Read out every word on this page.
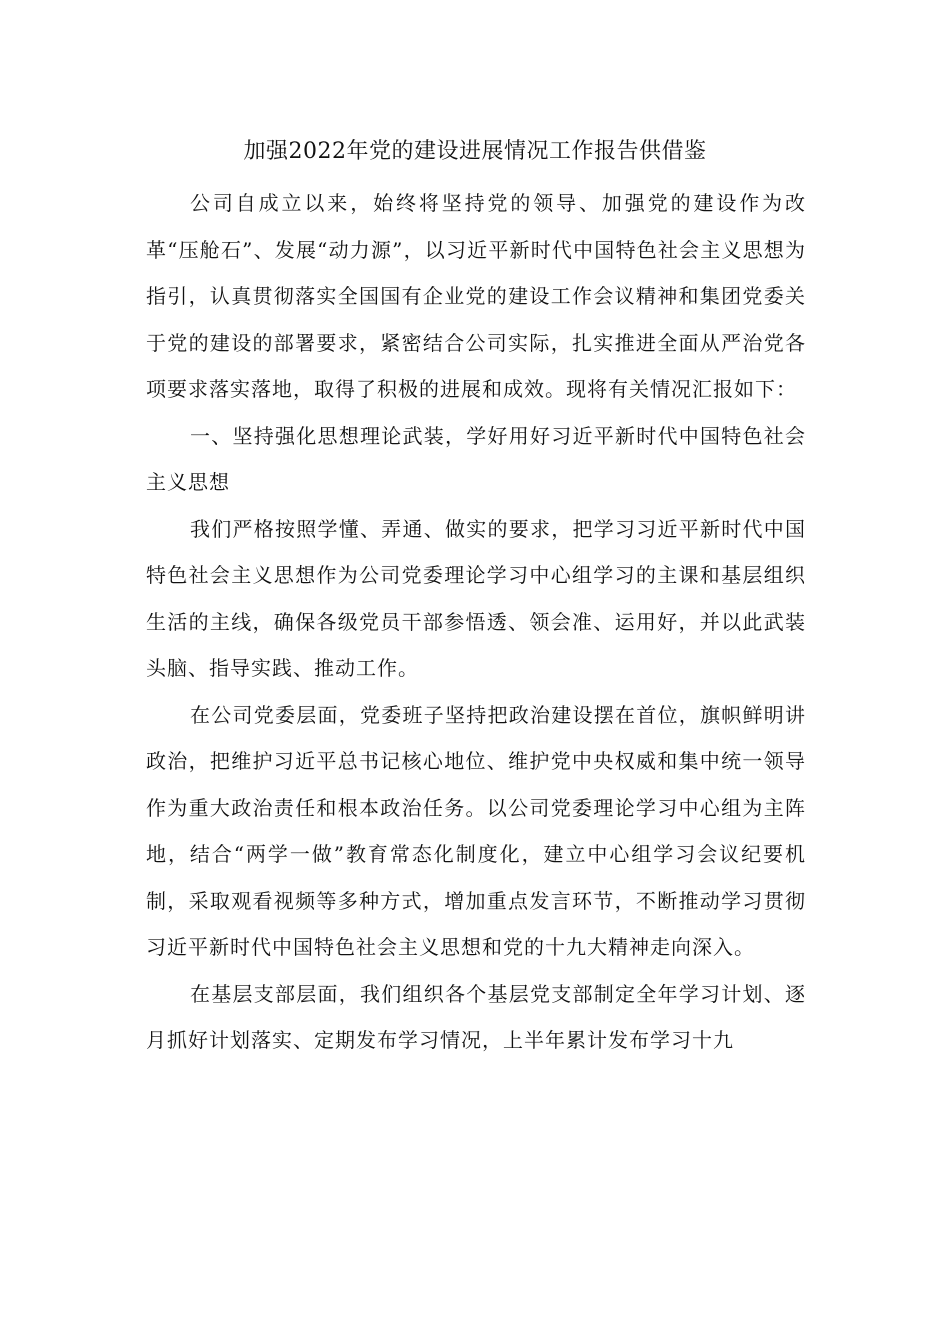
加强2022年党的建设进展情况工作报告供借鉴

公司自成立以来，始终将坚持党的领导、加强党的建设作为改革“压舱石”、发展“动力源”，以习近平新时代中国特色社会主义思想为指引，认真贯彻落实全国国有企业党的建设工作会议精神和集团党委关于党的建设的部署要求，紧密结合公司实际，扎实推进全面从严治党各项要求落实落地，取得了积极的进展和成效。现将有关情况汇报如下：

一、坚持强化思想理论武装，学好用好习近平新时代中国特色社会主义思想

我们严格按照学懂、弄通、做实的要求，把学习习近平新时代中国特色社会主义思想作为公司党委理论学习中心组学习的主课和基层组织生活的主线，确保各级党员干部参悟透、领会准、运用好，并以此武装头脑、指导实践、推动工作。

在公司党委层面，党委班子坚持把政治建设摆在首位，旗帜鲜明讲政治，把维护习近平总书记核心地位、维护党中央权威和集中统一领导作为重大政治责任和根本政治任务。以公司党委理论学习中心组为主阵地，结合“两学一做”教育常态化制度化，建立中心组学习会议纪要机制，采取观看视频等多种方式，增加重点发言环节，不断推动学习贯彻习近平新时代中国特色社会主义思想和党的十九大精神走向深入。

在基层支部层面，我们组织各个基层党支部制定全年学习计划、逐月抓好计划落实、定期发布学习情况，上半年累计发布学习十九
